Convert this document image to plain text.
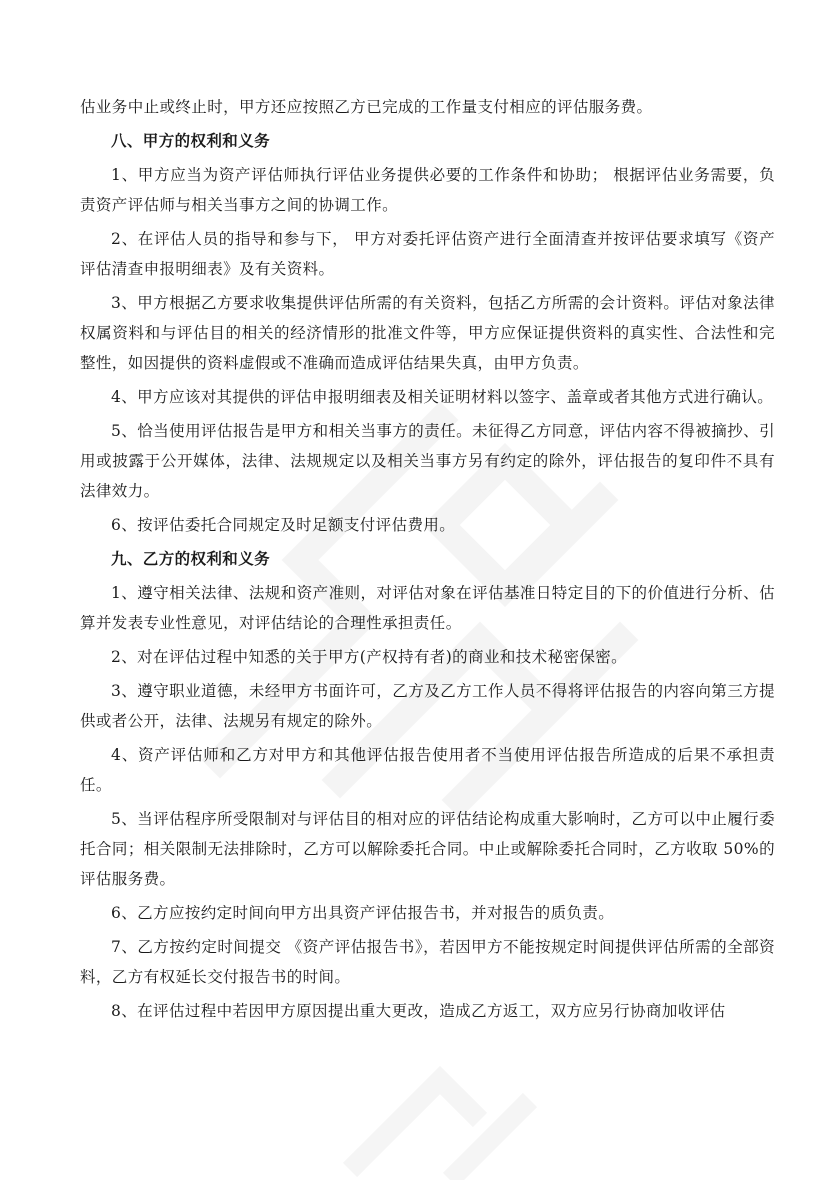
估业务中止或终止时，甲方还应按照乙方已完成的工作量支付相应的评估服务费。

八、甲方的权利和义务

1、甲方应当为资产评估师执行评估业务提供必要的工作条件和协助； 根据评估业务需要，负责资产评估师与相关当事方之间的协调工作。

2、在评估人员的指导和参与下， 甲方对委托评估资产进行全面清查并按评估要求填写《资产评估清查申报明细表》及有关资料。

3、甲方根据乙方要求收集提供评估所需的有关资料，包括乙方所需的会计资料。评估对象法律权属资料和与评估目的相关的经济情形的批准文件等，甲方应保证提供资料的真实性、合法性和完整性，如因提供的资料虚假或不准确而造成评估结果失真，由甲方负责。

4、甲方应该对其提供的评估申报明细表及相关证明材料以签字、盖章或者其他方式进行确认。

5、恰当使用评估报告是甲方和相关当事方的责任。未征得乙方同意，评估内容不得被摘抄、引用或披露于公开媒体，法律、法规规定以及相关当事方另有约定的除外，评估报告的复印件不具有法律效力。

6、按评估委托合同规定及时足额支付评估费用。

九、乙方的权利和义务

1、遵守相关法律、法规和资产准则，对评估对象在评估基准日特定目的下的价值进行分析、估算并发表专业性意见，对评估结论的合理性承担责任。

2、对在评估过程中知悉的关于甲方(产权持有者)的商业和技术秘密保密。

3、遵守职业道德，未经甲方书面许可，乙方及乙方工作人员不得将评估报告的内容向第三方提供或者公开，法律、法规另有规定的除外。

4、资产评估师和乙方对甲方和其他评估报告使用者不当使用评估报告所造成的后果不承担责任。

5、当评估程序所受限制对与评估目的相对应的评估结论构成重大影响时，乙方可以中止履行委托合同；相关限制无法排除时，乙方可以解除委托合同。中止或解除委托合同时，乙方收取 50%的评估服务费。

6、乙方应按约定时间向甲方出具资产评估报告书，并对报告的质负责。

7、乙方按约定时间提交 《资产评估报告书》，若因甲方不能按规定时间提供评估所需的全部资料，乙方有权延长交付报告书的时间。

8、在评估过程中若因甲方原因提出重大更改，造成乙方返工，双方应另行协商加收评估
